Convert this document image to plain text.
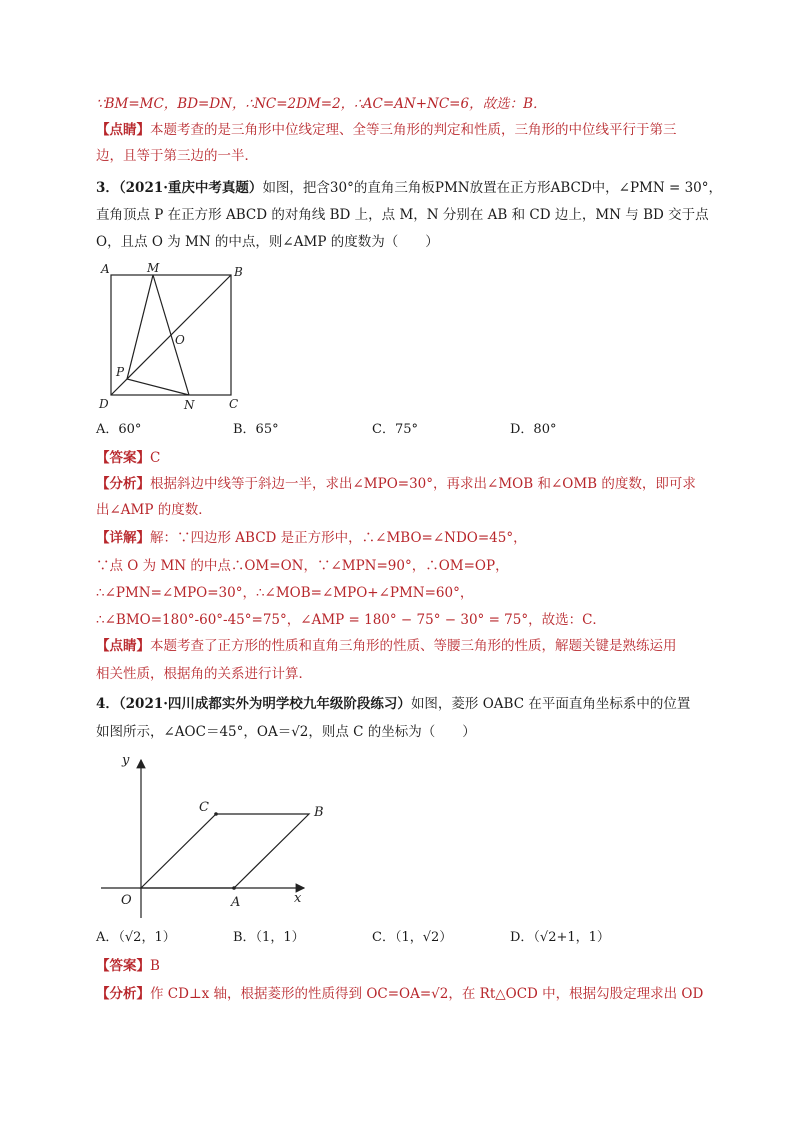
∵BM=MC，BD=DN，∴NC=2DM=2，∴AC=AN+NC=6，故选：B．
【点睛】本题考查的是三角形中位线定理、全等三角形的判定和性质，三角形的中位线平行于第三
边，且等于第三边的一半．
3．（2021·重庆中考真题）如图，把含30°的直角三角板PMN放置在正方形ABCD中，∠PMN = 30°，
直角顶点 P 在正方形 ABCD 的对角线 BD 上，点 M，N 分别在 AB 和 CD 边上，MN 与 BD 交于点
O，且点 O 为 MN 的中点，则∠AMP 的度数为（　　）
A	M	B
O
P
D	N	C
A．60°	B．65°	C．75°	D．80°
【答案】C
【分析】根据斜边中线等于斜边一半，求出∠MPO=30°，再求出∠MOB 和∠OMB 的度数，即可求
出∠AMP 的度数．
【详解】解：∵四边形 ABCD 是正方形中，∴∠MBO=∠NDO=45°，
∵点 O 为 MN 的中点∴OM=ON，∵∠MPN=90°，∴OM=OP，
∴∠PMN=∠MPO=30°，∴∠MOB=∠MPO+∠PMN=60°，
∴∠BMO=180°-60°-45°=75°，∠AMP = 180° − 75° − 30° = 75°，故选：C．
【点睛】本题考查了正方形的性质和直角三角形的性质、等腰三角形的性质，解题关键是熟练运用
相关性质，根据角的关系进行计算．
4．（2021·四川成都实外为明学校九年级阶段练习）如图，菱形 OABC 在平面直角坐标系中的位置
如图所示，∠AOC＝45°，OA＝√2，则点 C 的坐标为（　　）
y
x
O	A
B
C
A．（√2，1）	B．（1，1）	C．（1，√2）	D．（√2+1，1）
【答案】B
【分析】作 CD⊥x 轴，根据菱形的性质得到 OC=OA=√2，在 Rt△OCD 中，根据勾股定理求出 OD
